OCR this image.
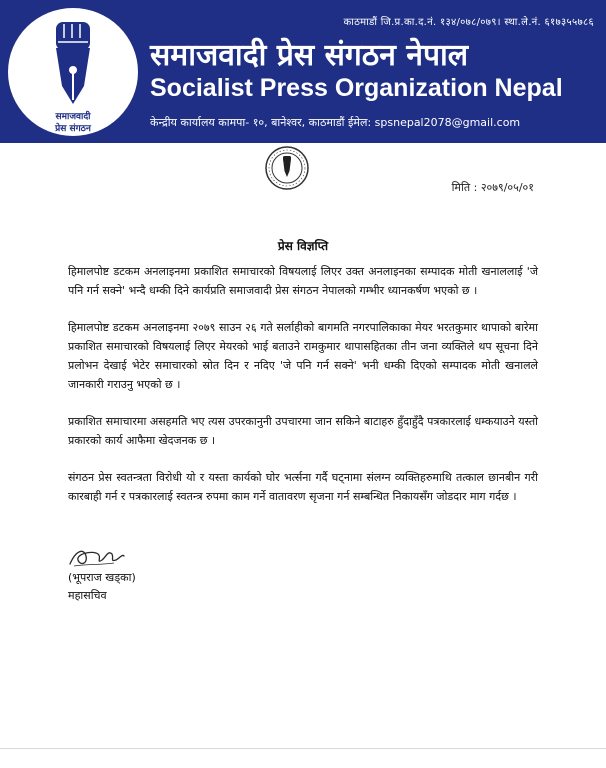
समाजवादी
प्रेस संगठन
काठमाडौं जि.प्र.का.द.नं. १३४/०७८/०७९। स्था.ले.नं. ६१७३५५७८६
समाजवादी प्रेस संगठन नेपाल
Socialist Press Organization Nepal
केन्द्रीय कार्यालय कामपा- १०, बानेश्वर, काठमाडौं ईमेल: spsnepal2078@gmail.com
मिति : २०७९/०५/०१
प्रेस विज्ञप्ति

हिमालपोष्ट डटकम अनलाइनमा प्रकाशित समाचारको विषयलाई लिएर उक्त अनलाइनका सम्पादक मोती खनाललाई 'जे पनि गर्न सक्ने' भन्दै धम्की दिने कार्यप्रति समाजवादी प्रेस संगठन नेपालको गम्भीर ध्यानकर्षण भएको छ ।

हिमालपोष्ट डटकम अनलाइनमा २०७९ साउन २६ गते सर्लाहीको बागमति नगरपालिकाका मेयर भरतकुमार थापाको बारेमा प्रकाशित समाचारको विषयलाई लिएर मेयरको भाई बताउने रामकुमार थापासहितका तीन जना व्यक्तिले थप सूचना दिने प्रलोभन देखाई भेटेर समाचारको स्रोत दिन र नदिए 'जे पनि गर्न सक्ने' भनी धम्की दिएको सम्पादक मोती खनालले जानकारी गराउनु भएको छ ।

प्रकाशित समाचारमा असहमति भए त्यस उपरकानुनी उपचारमा जान सकिने बाटाहरु हुँदाहुँदै पत्रकारलाई धम्कयाउने यस्तो प्रकारको कार्य आफैमा खेदजनक छ ।

संगठन प्रेस स्वतन्त्रता विरोधी यो र यस्ता कार्यको घोर भर्त्सना गर्दै घट्नामा संलग्न व्यक्तिहरुमाथि तत्काल छानबीन गरी कारबाही गर्न र पत्रकारलाई स्वतन्त्र रुपमा काम गर्ने वातावरण सृजना गर्न सम्बन्धित निकायसँग जोडदार माग गर्दछ ।

(भूपराज खड्का)
महासचिव
